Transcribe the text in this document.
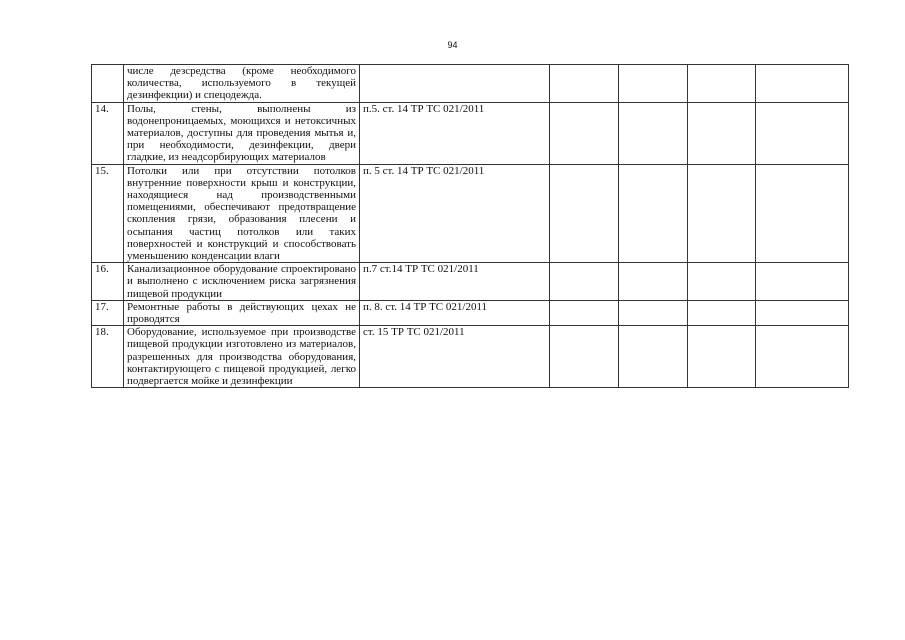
94
	числе дезсредства (кроме необходимого количества, используемого в текущей дезинфекции) и спецодежда.					
14.	Полы, стены, выполнены из водонепроницаемых, моющихся и нетоксичных материалов, доступны для проведения мытья и, при необходимости, дезинфекции, двери гладкие, из неадсорбирующих материалов	п.5. ст. 14 ТР ТС 021/2011				
15.	Потолки или при отсутствии потолков внутренние поверхности крыш и конструкции, находящиеся над производственными помещениями, обеспечивают предотвращение скопления грязи, образования плесени и осыпания частиц потолков или таких поверхностей и конструкций и способствовать уменьшению конденсации влаги	п. 5 ст. 14 ТР ТС 021/2011				
16.	Канализационное оборудование спроектировано и выполнено с исключением риска загрязнения пищевой продукции	п.7 ст.14 ТР ТС 021/2011				
17.	Ремонтные работы в действующих цехах не проводятся	п. 8. ст. 14 ТР ТС 021/2011				
18.	Оборудование, используемое при производстве пищевой продукции изготовлено из материалов, разрешенных для производства оборудования, контактирующего с пищевой продукцией, легко подвергается мойке и дезинфекции	ст. 15 ТР ТС 021/2011				
